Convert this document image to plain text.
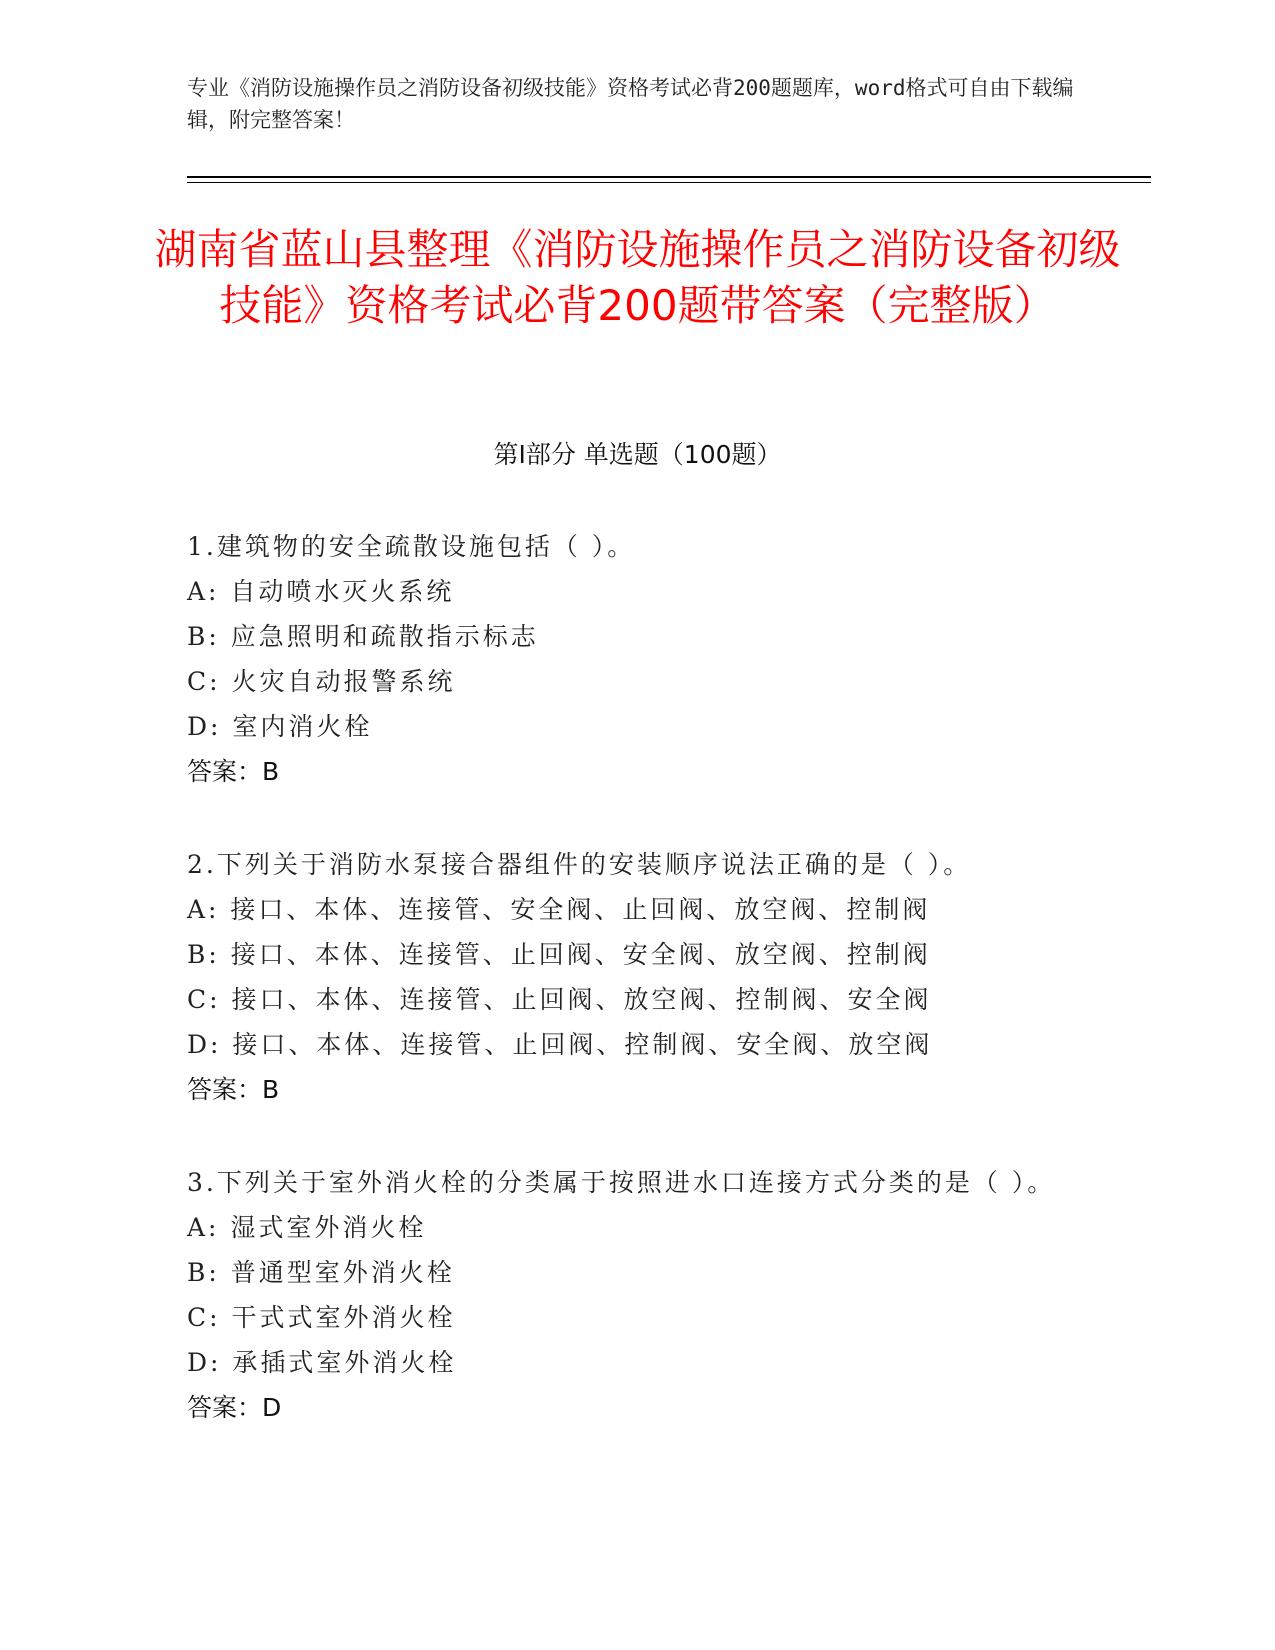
专业《消防设施操作员之消防设备初级技能》资格考试必背200题题库，word格式可自由下载编辑，附完整答案！

湖南省蓝山县整理《消防设施操作员之消防设备初级技能》资格考试必背200题带答案（完整版）
第Ⅰ部分 单选题（100题）

1.建筑物的安全疏散设施包括（ ）。

A: 自动喷水灭火系统

B: 应急照明和疏散指示标志

C: 火灾自动报警系统

D: 室内消火栓

答案：B

2.下列关于消防水泵接合器组件的安装顺序说法正确的是（ ）。

A: 接口、本体、连接管、安全阀、止回阀、放空阀、控制阀

B: 接口、本体、连接管、止回阀、安全阀、放空阀、控制阀

C: 接口、本体、连接管、止回阀、放空阀、控制阀、安全阀

D: 接口、本体、连接管、止回阀、控制阀、安全阀、放空阀

答案：B

3.下列关于室外消火栓的分类属于按照进水口连接方式分类的是（ ）。

A: 湿式室外消火栓

B: 普通型室外消火栓

C: 干式式室外消火栓

D: 承插式室外消火栓

答案：D
